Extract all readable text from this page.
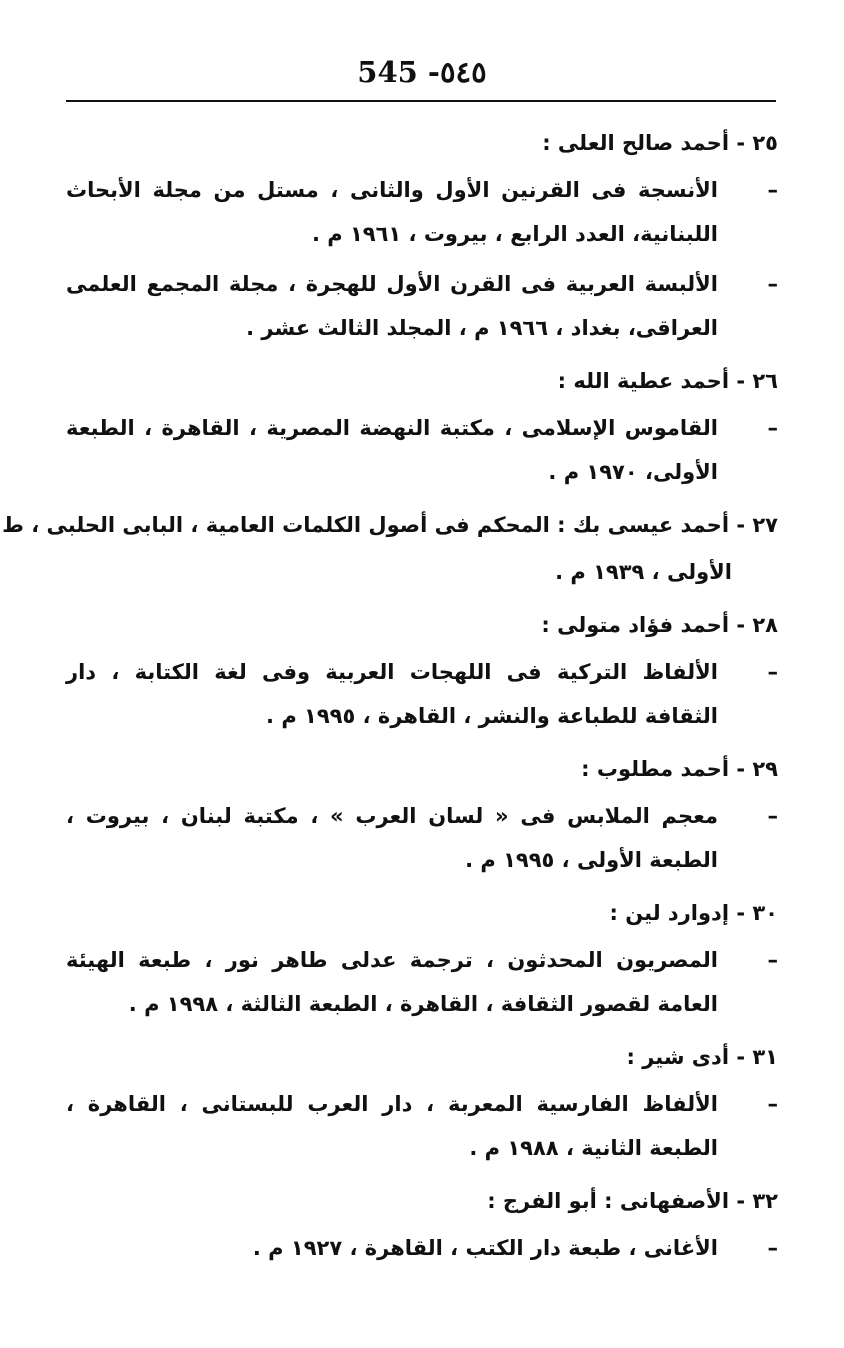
545 -٥٤٥
٢٥ - أحمد صالح العلى :
–
الأنسجة فى القرنين الأول والثانى ، مستل من مجلة الأبحاث اللبنانية، العدد الرابع ، بيروت ، ١٩٦١ م .
–
الألبسة العربية فى القرن الأول للهجرة ، مجلة المجمع العلمى العراقى، بغداد ، ١٩٦٦ م ، المجلد الثالث عشر .
٢٦ - أحمد عطية الله :
–
القاموس الإسلامى ، مكتبة النهضة المصرية ، القاهرة ، الطبعة الأولى، ١٩٧٠ م .
٢٧ - أحمد عيسى بك : المحكم فى أصول الكلمات العامية ، البابى الحلبى ، ط
الأولى ، ١٩٣٩ م .
٢٨ - أحمد فؤاد متولى :
–
الألفاظ التركية فى اللهجات العربية وفى لغة الكتابة ، دار الثقافة للطباعة والنشر ، القاهرة ، ١٩٩٥ م .
٢٩ - أحمد مطلوب :
–
معجم الملابس فى « لسان العرب » ، مكتبة لبنان ، بيروت ، الطبعة الأولى ، ١٩٩٥ م .
٣٠ - إدوارد لين :
–
المصريون المحدثون ، ترجمة عدلى طاهر نور ، طبعة الهيئة العامة لقصور الثقافة ، القاهرة ، الطبعة الثالثة ، ١٩٩٨ م .
٣١ - أدى شير :
–
الألفاظ الفارسية المعربة ، دار العرب للبستانى ، القاهرة ، الطبعة الثانية ، ١٩٨٨ م .
٣٢ - الأصفهانى : أبو الفرج :
–
الأغانى ، طبعة دار الكتب ، القاهرة ، ١٩٢٧ م .
